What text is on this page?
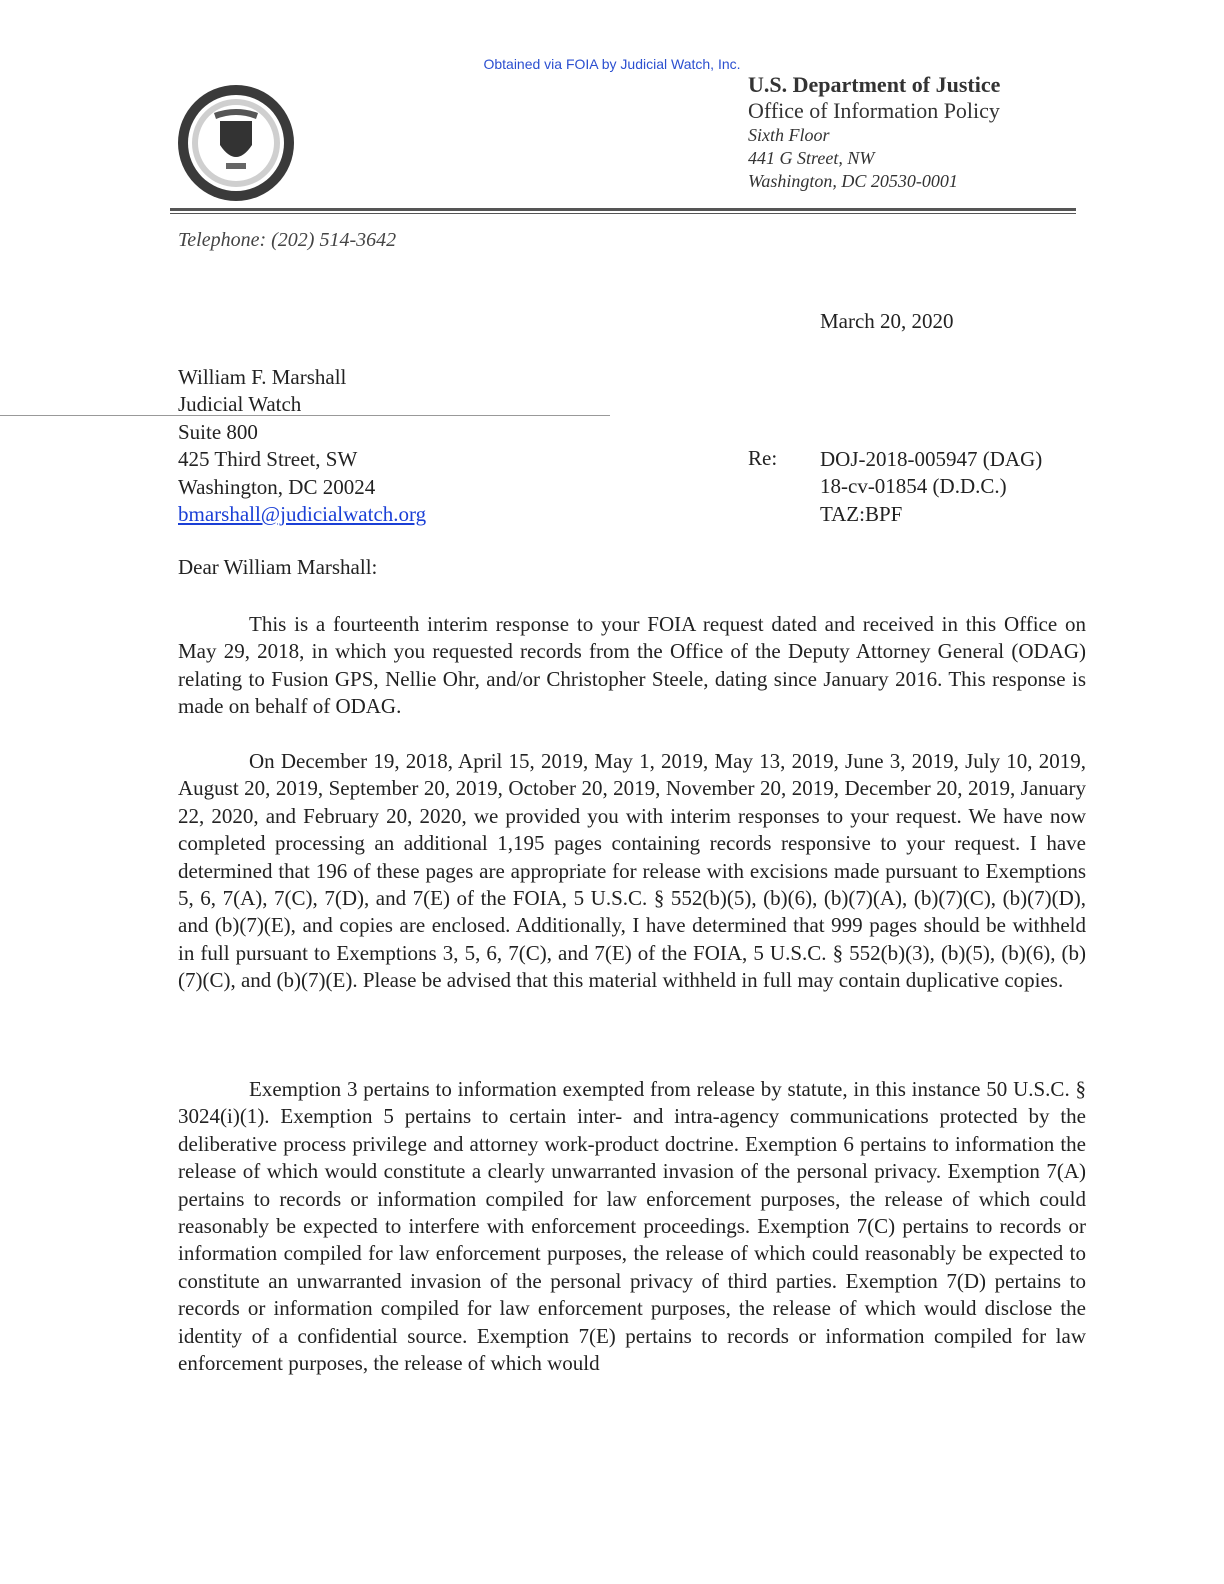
Obtained via FOIA by Judicial Watch, Inc.
U.S. Department of Justice
Office of Information Policy
Sixth Floor
441 G Street, NW
Washington, DC 20530-0001
Telephone: (202) 514-3642
March 20, 2020
William F. Marshall
Judicial Watch
Suite 800
425 Third Street, SW
Washington, DC 20024
bmarshall@judicialwatch.org
Re: DOJ-2018-005947 (DAG)
18-cv-01854 (D.D.C.)
TAZ:BPF
Dear William Marshall:
This is a fourteenth interim response to your FOIA request dated and received in this Office on May 29, 2018, in which you requested records from the Office of the Deputy Attorney General (ODAG) relating to Fusion GPS, Nellie Ohr, and/or Christopher Steele, dating since January 2016. This response is made on behalf of ODAG.
On December 19, 2018, April 15, 2019, May 1, 2019, May 13, 2019, June 3, 2019, July 10, 2019, August 20, 2019, September 20, 2019, October 20, 2019, November 20, 2019, December 20, 2019, January 22, 2020, and February 20, 2020, we provided you with interim responses to your request. We have now completed processing an additional 1,195 pages containing records responsive to your request. I have determined that 196 of these pages are appropriate for release with excisions made pursuant to Exemptions 5, 6, 7(A), 7(C), 7(D), and 7(E) of the FOIA, 5 U.S.C. § 552(b)(5), (b)(6), (b)(7)(A), (b)(7)(C), (b)(7)(D), and (b)(7)(E), and copies are enclosed. Additionally, I have determined that 999 pages should be withheld in full pursuant to Exemptions 3, 5, 6, 7(C), and 7(E) of the FOIA, 5 U.S.C. § 552(b)(3), (b)(5), (b)(6), (b)(7)(C), and (b)(7)(E). Please be advised that this material withheld in full may contain duplicative copies.
Exemption 3 pertains to information exempted from release by statute, in this instance 50 U.S.C. § 3024(i)(1). Exemption 5 pertains to certain inter- and intra-agency communications protected by the deliberative process privilege and attorney work-product doctrine. Exemption 6 pertains to information the release of which would constitute a clearly unwarranted invasion of the personal privacy. Exemption 7(A) pertains to records or information compiled for law enforcement purposes, the release of which could reasonably be expected to interfere with enforcement proceedings. Exemption 7(C) pertains to records or information compiled for law enforcement purposes, the release of which could reasonably be expected to constitute an unwarranted invasion of the personal privacy of third parties. Exemption 7(D) pertains to records or information compiled for law enforcement purposes, the release of which would disclose the identity of a confidential source. Exemption 7(E) pertains to records or information compiled for law enforcement purposes, the release of which would
